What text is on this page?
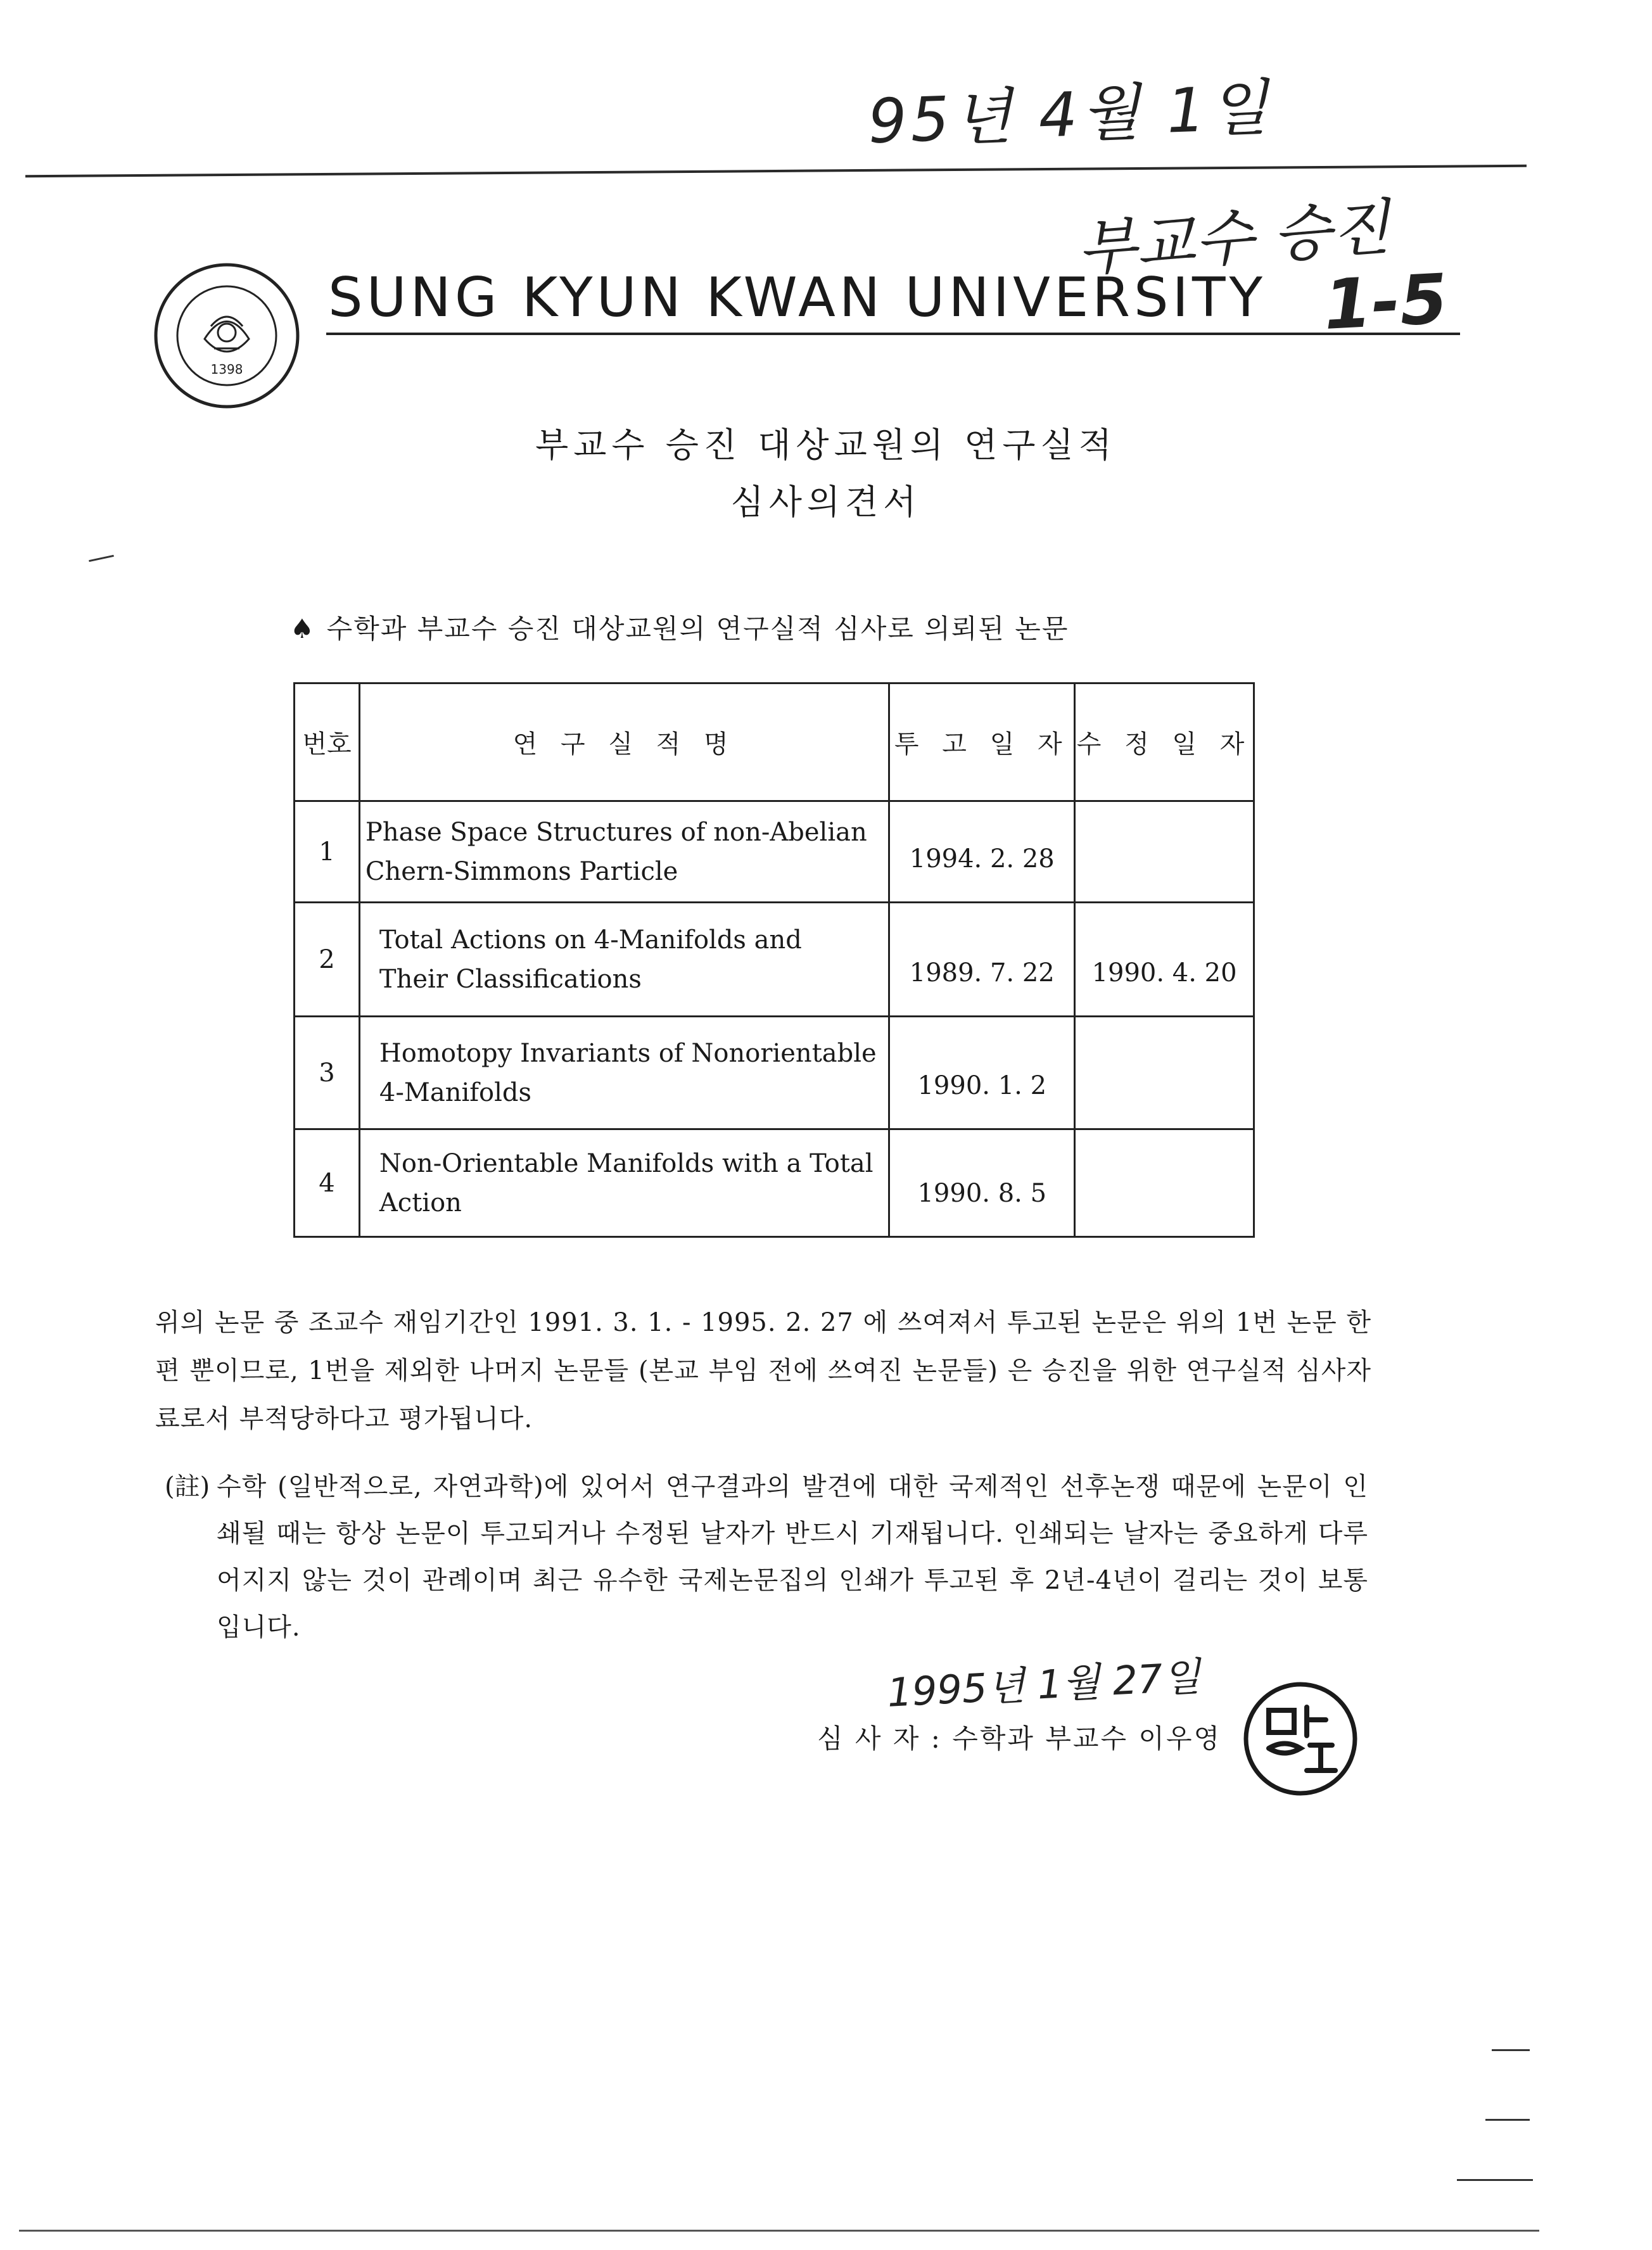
95년 4월 1일
부교수 승진
1-5
1398
SUNG KYUN KWAN UNIVERSITY
부교수 승진 대상교원의 연구실적
심사의견서
♠ 수학과 부교수 승진 대상교원의 연구실적 심사로 의뢰된 논문
번호	연 구 실 적 명	투 고 일 자	수 정 일 자
1	Phase Space Structures of non-Abelian
Chern-Simmons Particle	1994. 2. 28	
2	Total Actions on 4-Manifolds and
Their Classifications	1989. 7. 22	1990. 4. 20
3	Homotopy Invariants of Nonorientable
4-Manifolds	1990. 1. 2	
4	Non-Orientable Manifolds with a Total
Action	1990. 8. 5	
위의 논문 중 조교수 재임기간인 1991. 3. 1. - 1995. 2. 27 에 쓰여져서 투고된 논문은 위의 1번 논문 한편 뿐이므로, 1번을 제외한 나머지 논문들 (본교 부임 전에 쓰여진 논문들) 은 승진을 위한 연구실적 심사자료로서 부적당하다고 평가됩니다.
(註) 수학 (일반적으로, 자연과학)에 있어서 연구결과의 발견에 대한 국제적인 선후논쟁 때문에 논문이 인쇄될 때는 항상 논문이 투고되거나 수정된 날자가 반드시 기재됩니다. 인쇄되는 날자는 중요하게 다루어지지 않는 것이 관례이며 최근 유수한 국제논문집의 인쇄가 투고된 후 2년-4년이 걸리는 것이 보통입니다.
1995년 1월 27일
심 사 자 : 수학과 부교수 이우영
